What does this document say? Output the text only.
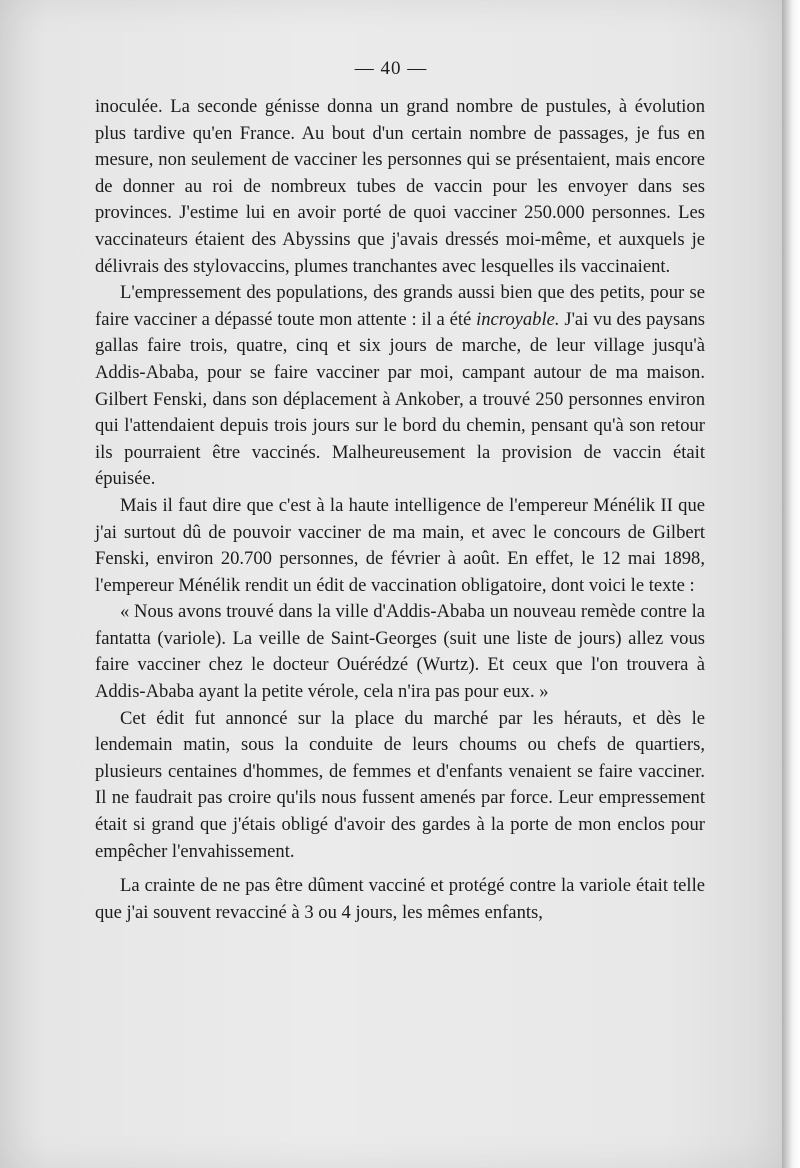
— 40 —

inoculée. La seconde génisse donna un grand nombre de pustules, à évolution plus tardive qu'en France. Au bout d'un certain nombre de passages, je fus en mesure, non seulement de vacciner les personnes qui se présentaient, mais encore de donner au roi de nombreux tubes de vaccin pour les envoyer dans ses provinces. J'estime lui en avoir porté de quoi vacciner 250.000 personnes. Les vaccinateurs étaient des Abyssins que j'avais dressés moi-même, et auxquels je délivrais des stylovaccins, plumes tranchantes avec lesquelles ils vaccinaient.

L'empressement des populations, des grands aussi bien que des petits, pour se faire vacciner a dépassé toute mon attente : il a été incroyable. J'ai vu des paysans gallas faire trois, quatre, cinq et six jours de marche, de leur village jusqu'à Addis-Ababa, pour se faire vacciner par moi, campant autour de ma maison. Gilbert Fenski, dans son déplacement à Ankober, a trouvé 250 personnes environ qui l'attendaient depuis trois jours sur le bord du chemin, pensant qu'à son retour ils pourraient être vaccinés. Malheureusement la provision de vaccin était épuisée.

Mais il faut dire que c'est à la haute intelligence de l'empereur Ménélik II que j'ai surtout dû de pouvoir vacciner de ma main, et avec le concours de Gilbert Fenski, environ 20.700 personnes, de février à août. En effet, le 12 mai 1898, l'empereur Ménélik rendit un édit de vaccination obligatoire, dont voici le texte :

« Nous avons trouvé dans la ville d'Addis-Ababa un nouveau remède contre la fantatta (variole). La veille de Saint-Georges (suit une liste de jours) allez vous faire vacciner chez le docteur Ouérédzé (Wurtz). Et ceux que l'on trouvera à Addis-Ababa ayant la petite vérole, cela n'ira pas pour eux. »

Cet édit fut annoncé sur la place du marché par les hérauts, et dès le lendemain matin, sous la conduite de leurs choums ou chefs de quartiers, plusieurs centaines d'hommes, de femmes et d'enfants venaient se faire vacciner. Il ne faudrait pas croire qu'ils nous fussent amenés par force. Leur empressement était si grand que j'étais obligé d'avoir des gardes à la porte de mon enclos pour empêcher l'envahissement.

La crainte de ne pas être dûment vacciné et protégé contre la variole était telle que j'ai souvent revacciné à 3 ou 4 jours, les mêmes enfants,
